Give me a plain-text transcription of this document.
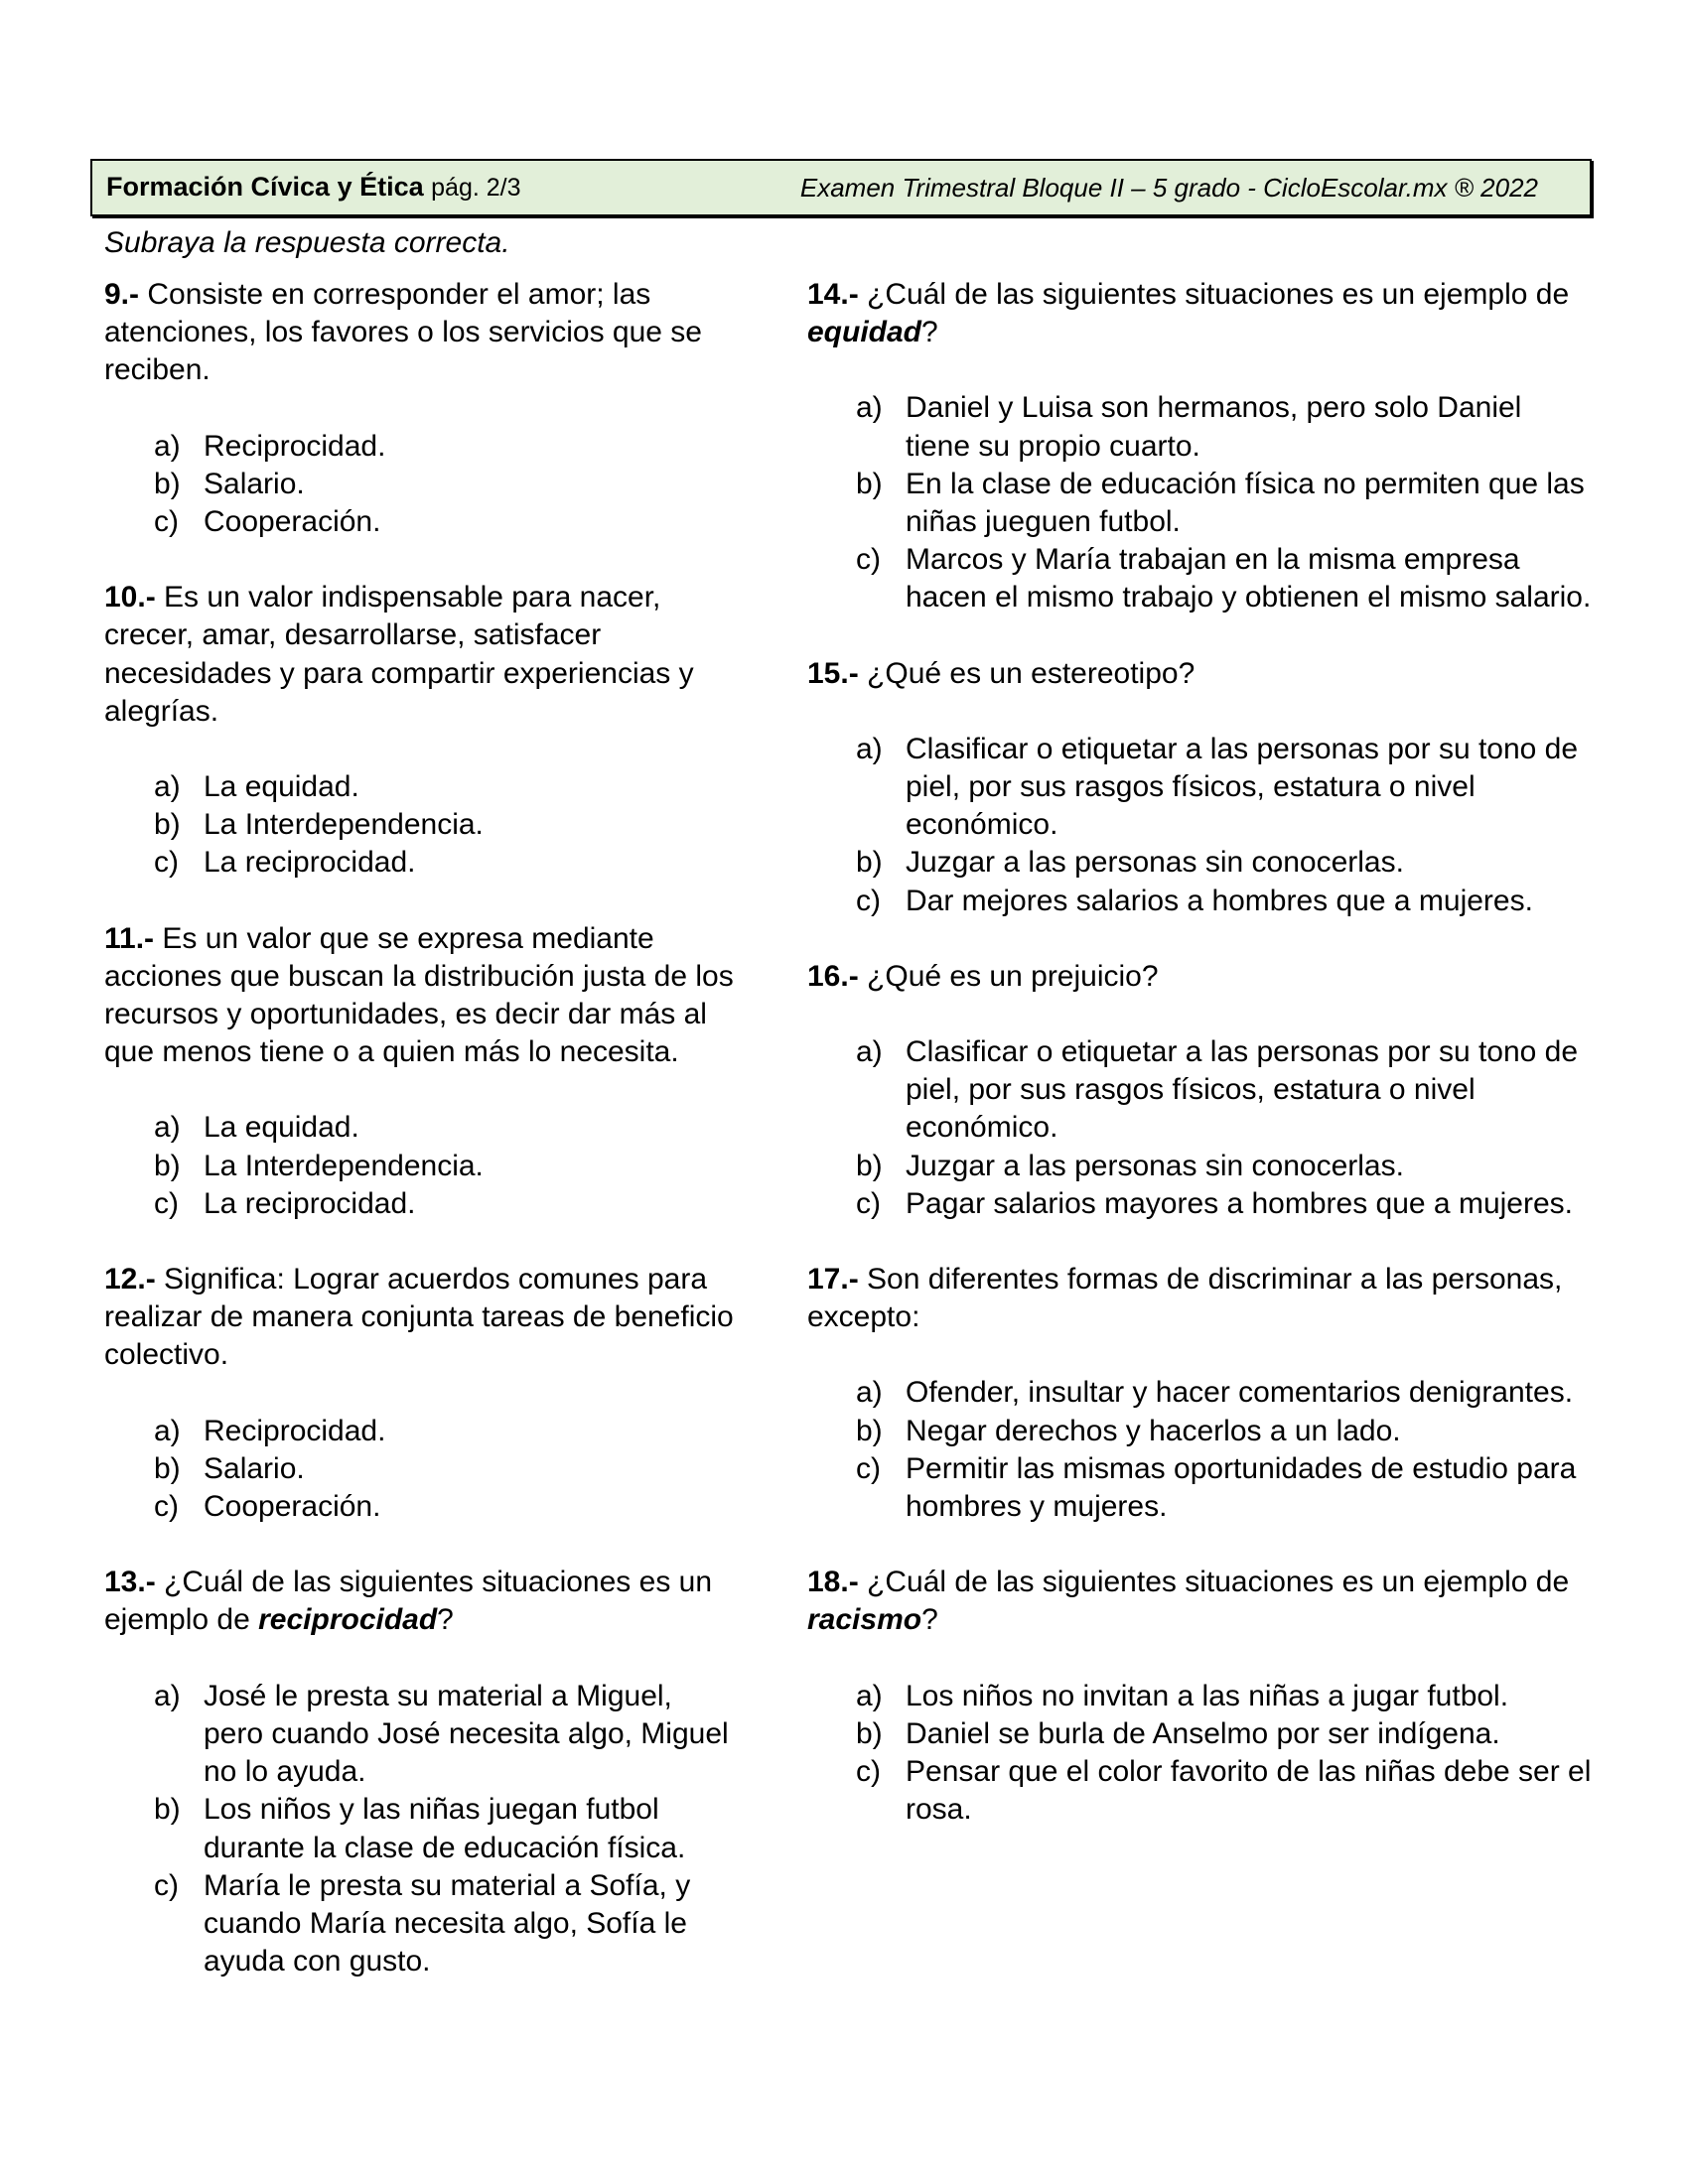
Formación Cívica y Ética pág. 2/3	Examen Trimestral Bloque II – 5 grado - CicloEscolar.mx ® 2022
Subraya la respuesta correcta.
9.- Consiste en corresponder el amor; las atenciones, los favores o los servicios que se reciben.
a) Reciprocidad.
b) Salario.
c) Cooperación.
10.- Es un valor indispensable para nacer, crecer, amar, desarrollarse, satisfacer necesidades y para compartir experiencias y alegrías.
a) La equidad.
b) La Interdependencia.
c) La reciprocidad.
11.- Es un valor que se expresa mediante acciones que buscan la distribución justa de los recursos y oportunidades, es decir dar más al que menos tiene o a quien más lo necesita.
a) La equidad.
b) La Interdependencia.
c) La reciprocidad.
12.- Significa: Lograr acuerdos comunes para realizar de manera conjunta tareas de beneficio colectivo.
a) Reciprocidad.
b) Salario.
c) Cooperación.
13.- ¿Cuál de las siguientes situaciones es un ejemplo de reciprocidad?
a) José le presta su material a Miguel, pero cuando José necesita algo, Miguel no lo ayuda.
b) Los niños y las niñas juegan futbol durante la clase de educación física.
c) María le presta su material a Sofía, y cuando María necesita algo, Sofía le ayuda con gusto.
14.- ¿Cuál de las siguientes situaciones es un ejemplo de equidad?
a) Daniel y Luisa son hermanos, pero solo Daniel tiene su propio cuarto.
b) En la clase de educación física no permiten que las niñas jueguen futbol.
c) Marcos y María trabajan en la misma empresa hacen el mismo trabajo y obtienen el mismo salario.
15.- ¿Qué es un estereotipo?
a) Clasificar o etiquetar a las personas por su tono de piel, por sus rasgos físicos, estatura o nivel económico.
b) Juzgar a las personas sin conocerlas.
c) Dar mejores salarios a hombres que a mujeres.
16.- ¿Qué es un prejuicio?
a) Clasificar o etiquetar a las personas por su tono de piel, por sus rasgos físicos, estatura o nivel económico.
b) Juzgar a las personas sin conocerlas.
c) Pagar salarios mayores a hombres que a mujeres.
17.- Son diferentes formas de discriminar a las personas, excepto:
a) Ofender, insultar y hacer comentarios denigrantes.
b) Negar derechos y hacerlos a un lado.
c) Permitir las mismas oportunidades de estudio para hombres y mujeres.
18.- ¿Cuál de las siguientes situaciones es un ejemplo de racismo?
a) Los niños no invitan a las niñas a jugar futbol.
b) Daniel se burla de Anselmo por ser indígena.
c) Pensar que el color favorito de las niñas debe ser el rosa.
